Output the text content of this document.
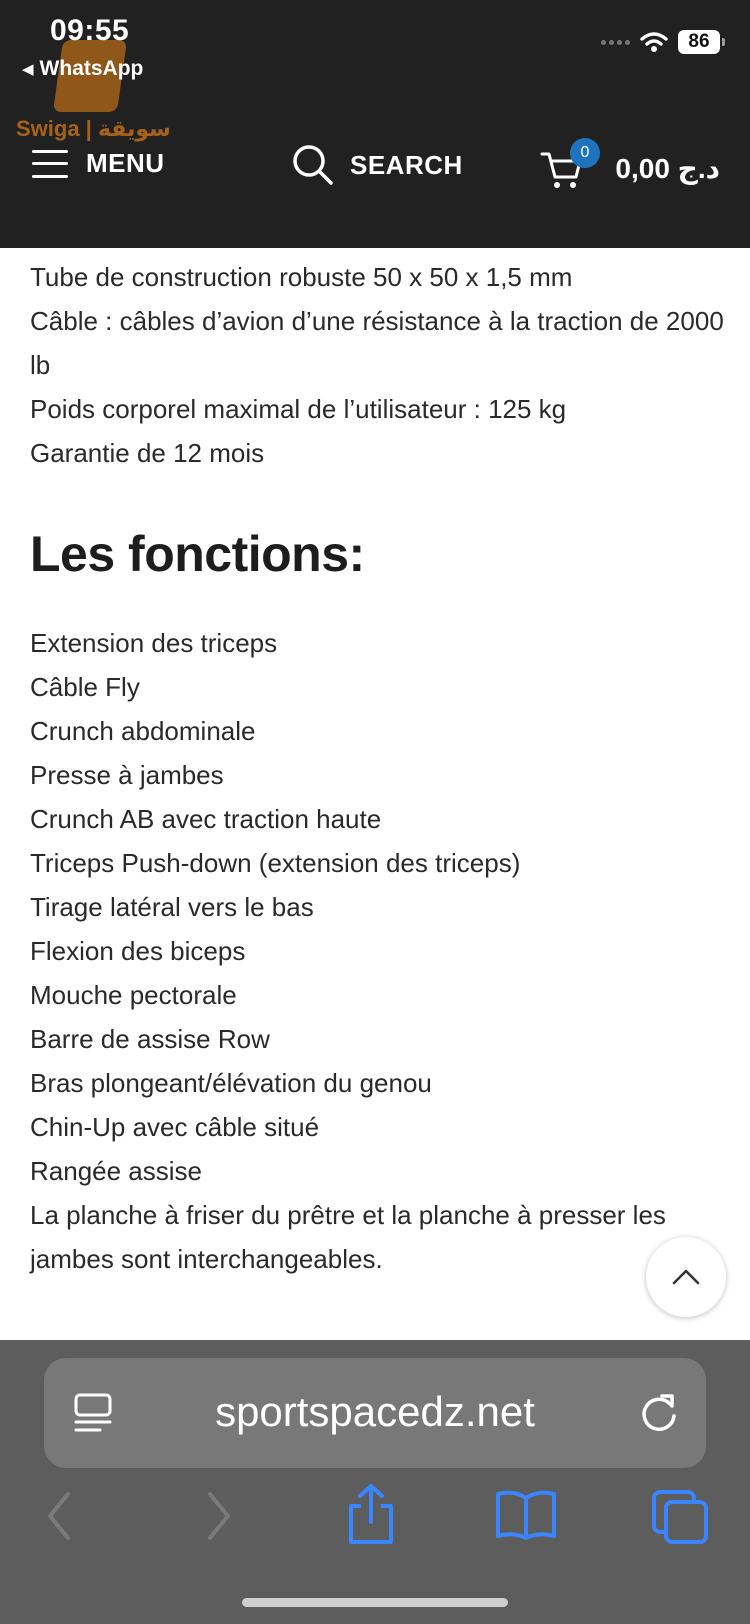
09:55
◀ WhatsApp
86
Swiga | سويقة
MENU	SEARCH	0
0,00 د.ج
Tube de construction robuste 50 x 50 x 1,5 mm
Câble : câbles d’avion d’une résistance à la traction de 2000 lb
Poids corporel maximal de l’utilisateur : 125 kg
Garantie de 12 mois
Les fonctions:
Extension des triceps
Câble Fly
Crunch abdominale
Presse à jambes
Crunch AB avec traction haute
Triceps Push-down (extension des triceps)
Tirage latéral vers le bas
Flexion des biceps
Mouche pectorale
Barre de assise Row
Bras plongeant/élévation du genou
Chin-Up avec câble situé
Rangée assise
La planche à friser du prêtre et la planche à presser les jambes sont interchangeables.
sportspacedz.net
